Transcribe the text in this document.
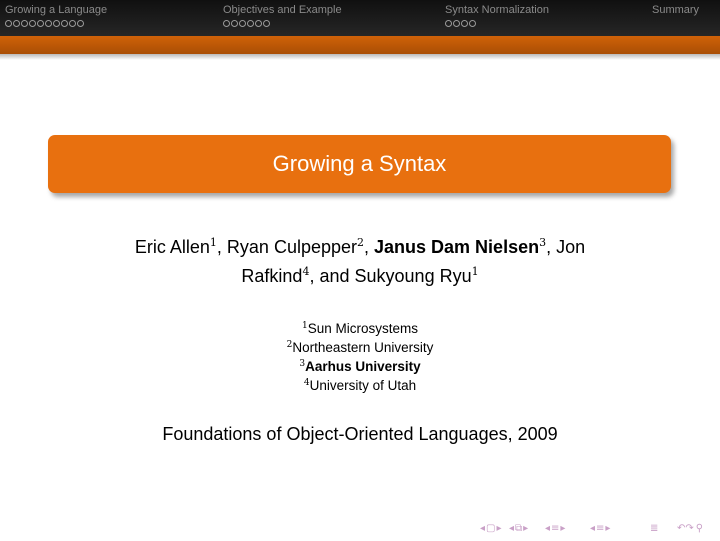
Growing a Language	Objectives and Example	Syntax Normalization	Summary
Growing a Syntax
Eric Allen$^1$, Ryan Culpepper$^2$, Janus Dam Nielsen$^3$, Jon
Rafkind$^4$, and Sukyoung Ryu$^1$
$^1$Sun Microsystems
$^2$Northeastern University
$^3$Aarhus University
$^4$University of Utah
Foundations of Object-Oriented Languages, 2009
◂ ▢ ▸ ◂ ⧉ ▸ ◂ ≡ ▸ ◂ ≡ ▸	≣ ↶↷ ⚲
